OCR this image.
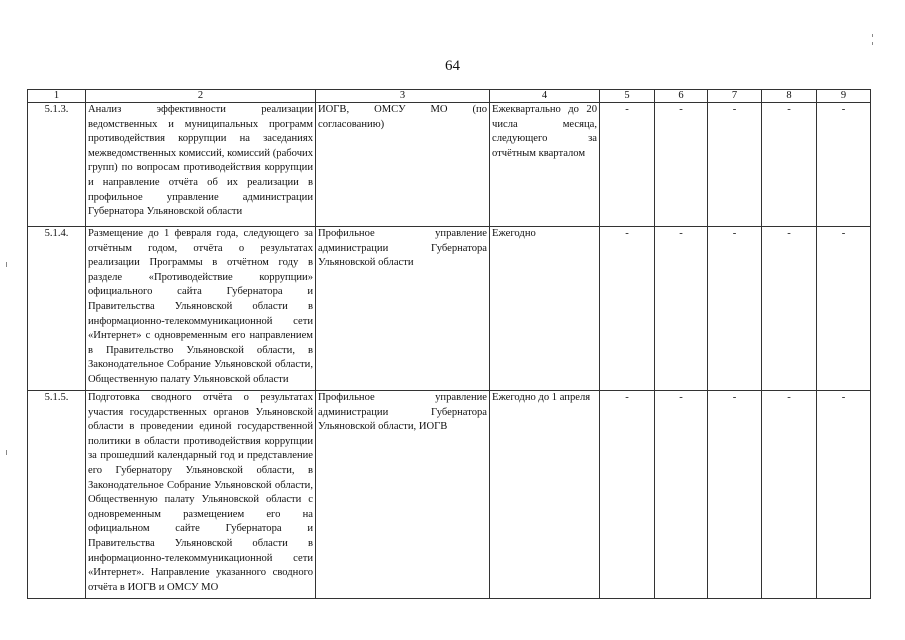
64
1	2	3	4	5	6	7	8	9
5.1.3.	Анализ эффективности реализации ведомственных и муниципальных программ противодействия коррупции на заседаниях межведомственных комиссий, комиссий (рабочих групп) по вопросам противодействия коррупции и направление отчёта об их реализации в профильное управление администрации Губернатора Ульяновской области	ИОГВ, ОМСУ МО (по согласованию)	Ежеквартально до 20 числа месяца, следующего за отчётным кварталом	-	-	-	-	-
5.1.4.	Размещение до 1 февраля года, следующего за отчётным годом, отчёта о результатах реализации Программы в отчётном году в разделе «Противодействие коррупции» официального сайта Губернатора и Правительства Ульяновской области в информационно-телекоммуникационной сети «Интернет» с одновременным его направлением в Правительство Ульяновской области, в Законодательное Собрание Ульяновской области, Общественную палату Ульяновской области	Профильное управление администрации Губернатора Ульяновской области	Ежегодно	-	-	-	-	-
5.1.5.	Подготовка сводного отчёта о результатах участия государственных органов Ульяновской области в проведении единой государственной политики в области противодействия коррупции за прошедший календарный год и представление его Губернатору Ульяновской области, в Законодательное Собрание Ульяновской области, Общественную палату Ульяновской области с одновременным размещением его на официальном сайте Губернатора и Правительства Ульяновской области в информационно-телекоммуникационной сети «Интернет». Направление указанного сводного отчёта в ИОГВ и ОМСУ МО	Профильное управление администрации Губернатора Ульяновской области, ИОГВ	Ежегодно до 1 апреля	-	-	-	-	-
